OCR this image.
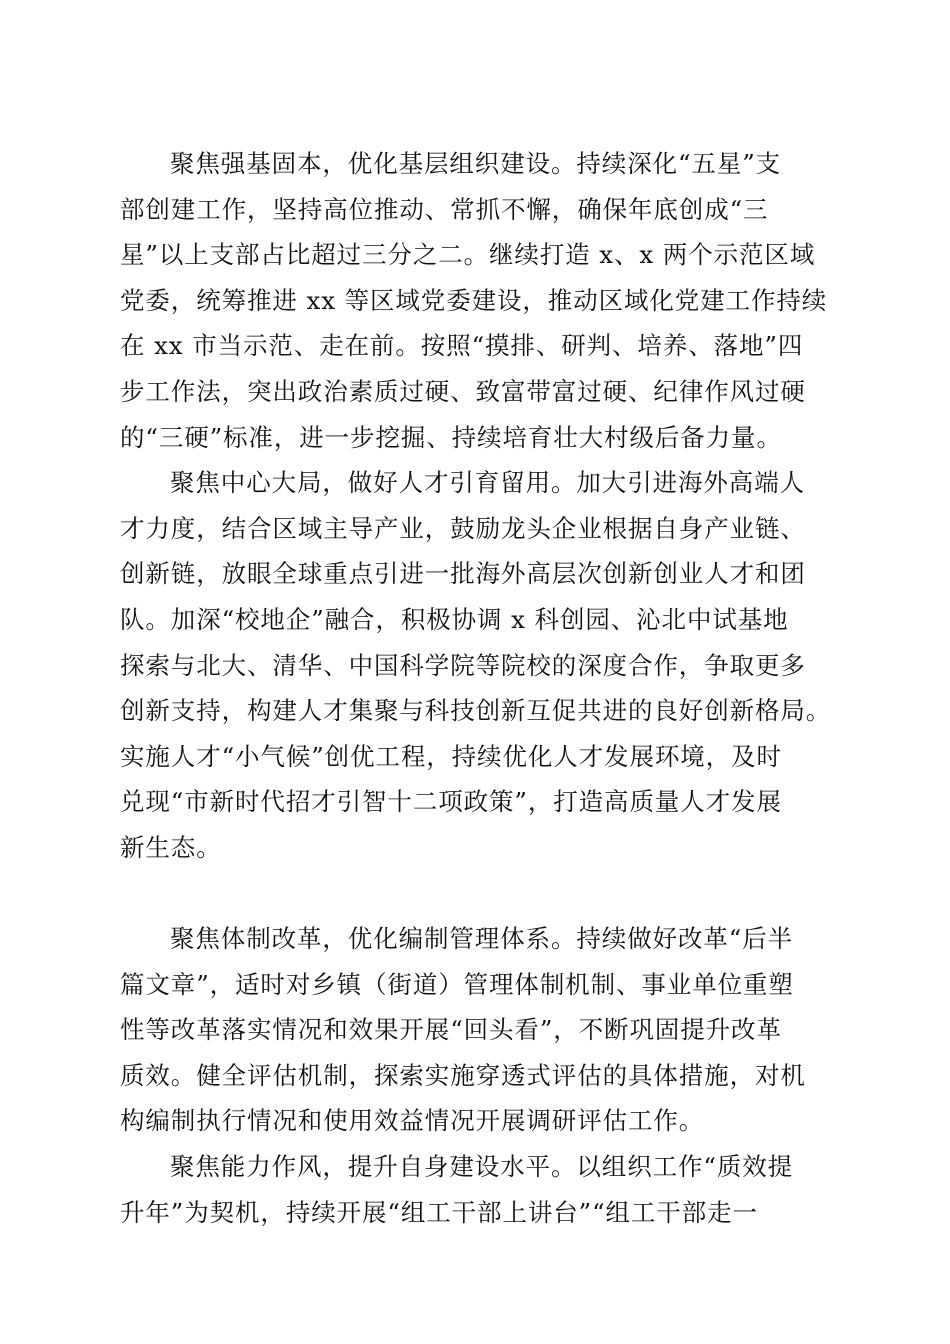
聚焦强基固本，优化基层组织建设。持续深化“五星”支
部创建工作，坚持高位推动、常抓不懈，确保年底创成“三
星”以上支部占比超过三分之二。继续打造 x、x 两个示范区域
党委，统筹推进 xx 等区域党委建设，推动区域化党建工作持续
在 xx 市当示范、走在前。按照“摸排、研判、培养、落地”四
步工作法，突出政治素质过硬、致富带富过硬、纪律作风过硬
的“三硬”标准，进一步挖掘、持续培育壮大村级后备力量。
聚焦中心大局，做好人才引育留用。加大引进海外高端人
才力度，结合区域主导产业，鼓励龙头企业根据自身产业链、
创新链，放眼全球重点引进一批海外高层次创新创业人才和团
队。加深“校地企”融合，积极协调 x 科创园、沁北中试基地
探索与北大、清华、中国科学院等院校的深度合作，争取更多
创新支持，构建人才集聚与科技创新互促共进的良好创新格局。
实施人才“小气候”创优工程，持续优化人才发展环境，及时
兑现“市新时代招才引智十二项政策”，打造高质量人才发展
新生态。
聚焦体制改革，优化编制管理体系。持续做好改革“后半
篇文章”，适时对乡镇（街道）管理体制机制、事业单位重塑
性等改革落实情况和效果开展“回头看”，不断巩固提升改革
质效。健全评估机制，探索实施穿透式评估的具体措施，对机
构编制执行情况和使用效益情况开展调研评估工作。
聚焦能力作风，提升自身建设水平。以组织工作“质效提
升年”为契机，持续开展“组工干部上讲台”“组工干部走一
